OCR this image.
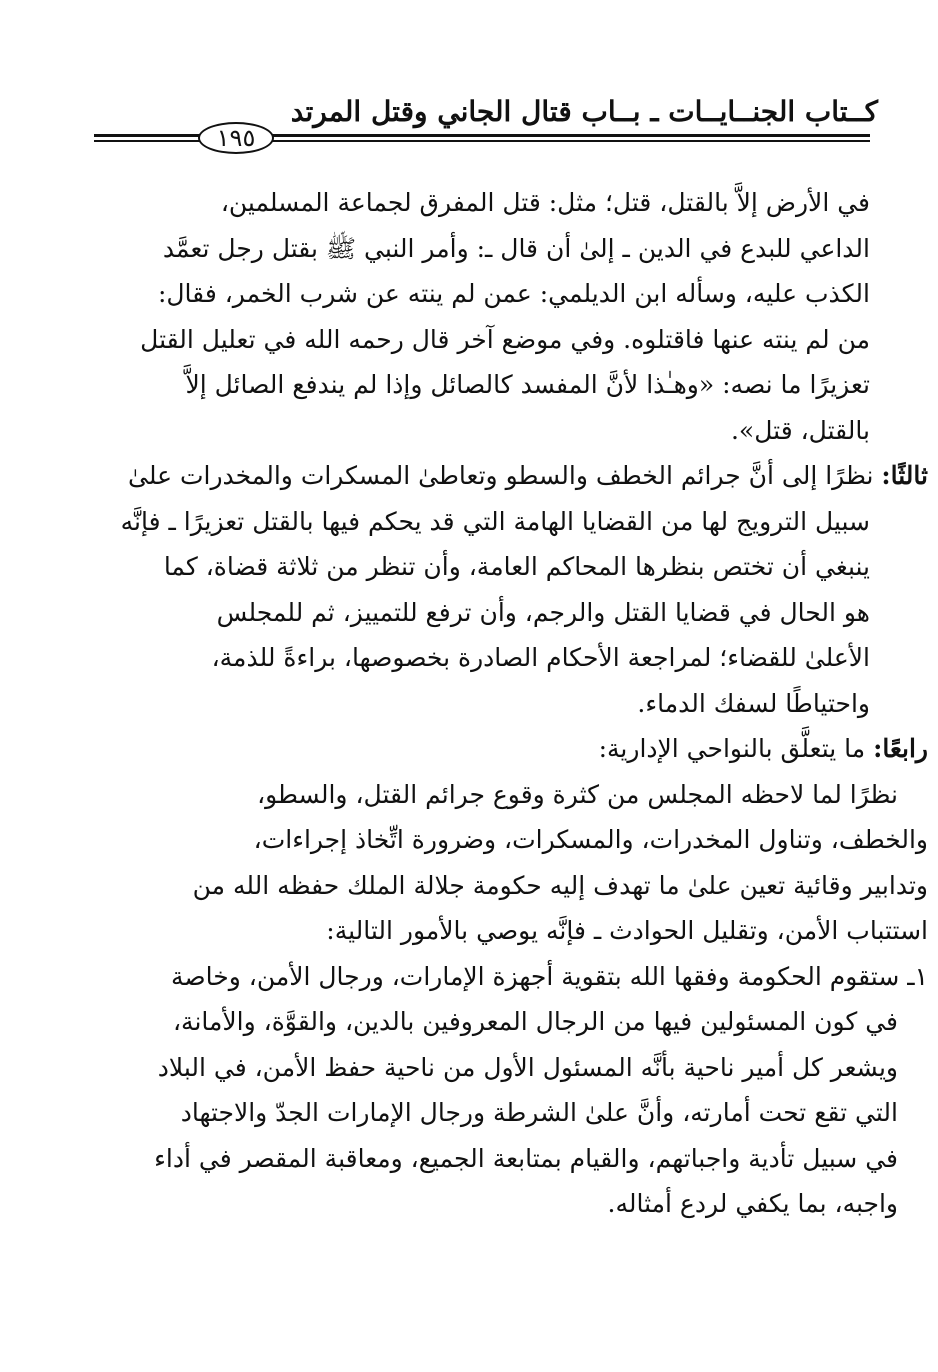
كــتاب الجنــايــات ـ بــاب قتال الجاني وقتل المرتد
١٩٥
في الأرض إلاَّ بالقتل، قتل؛ مثل: قتل المفرق لجماعة المسلمين،
الداعي للبدع في الدين ـ إلىٰ أن قال ـ: وأمر النبي ﷺ بقتل رجل تعمَّد
الكذب عليه، وسأله ابن الديلمي: عمن لم ينته عن شرب الخمر، فقال:
من لم ينته عنها فاقتلوه. وفي موضع آخر قال رحمه الله في تعليل القتل
تعزيرًا ما نصه: «وهـٰذا لأنَّ المفسد كالصائل وإذا لم يندفع الصائل إلاَّ
بالقتل، قتل».
ثالثًا: نظرًا إلى أنَّ جرائم الخطف والسطو وتعاطىٰ المسكرات والمخدرات علىٰ
سبيل الترويج لها من القضايا الهامة التي قد يحكم فيها بالقتل تعزيرًا ـ فإنَّه
ينبغي أن تختص بنظرها المحاكم العامة، وأن تنظر من ثلاثة قضاة، كما
هو الحال في قضايا القتل والرجم، وأن ترفع للتمييز، ثم للمجلس
الأعلىٰ للقضاء؛ لمراجعة الأحكام الصادرة بخصوصها، براءةً للذمة،
واحتياطًا لسفك الدماء.
رابعًا: ما يتعلَّق بالنواحي الإدارية:
نظرًا لما لاحظه المجلس من كثرة وقوع جرائم القتل، والسطو،
والخطف، وتناول المخدرات، والمسكرات، وضرورة اتِّخاذ إجراءات،
وتدابير وقائية تعين علىٰ ما تهدف إليه حكومة جلالة الملك حفظه الله من
استتباب الأمن، وتقليل الحوادث ـ فإنَّه يوصي بالأمور التالية:
١ـ ستقوم الحكومة وفقها الله بتقوية أجهزة الإمارات، ورجال الأمن، وخاصة
في كون المسئولين فيها من الرجال المعروفين بالدين، والقوَّة، والأمانة،
ويشعر كل أمير ناحية بأنَّه المسئول الأول من ناحية حفظ الأمن، في البلاد
التي تقع تحت أمارته، وأنَّ علىٰ الشرطة ورجال الإمارات الجدّ والاجتهاد
في سبيل تأدية واجباتهم، والقيام بمتابعة الجميع، ومعاقبة المقصر في أداء
واجبه، بما يكفي لردع أمثاله.
